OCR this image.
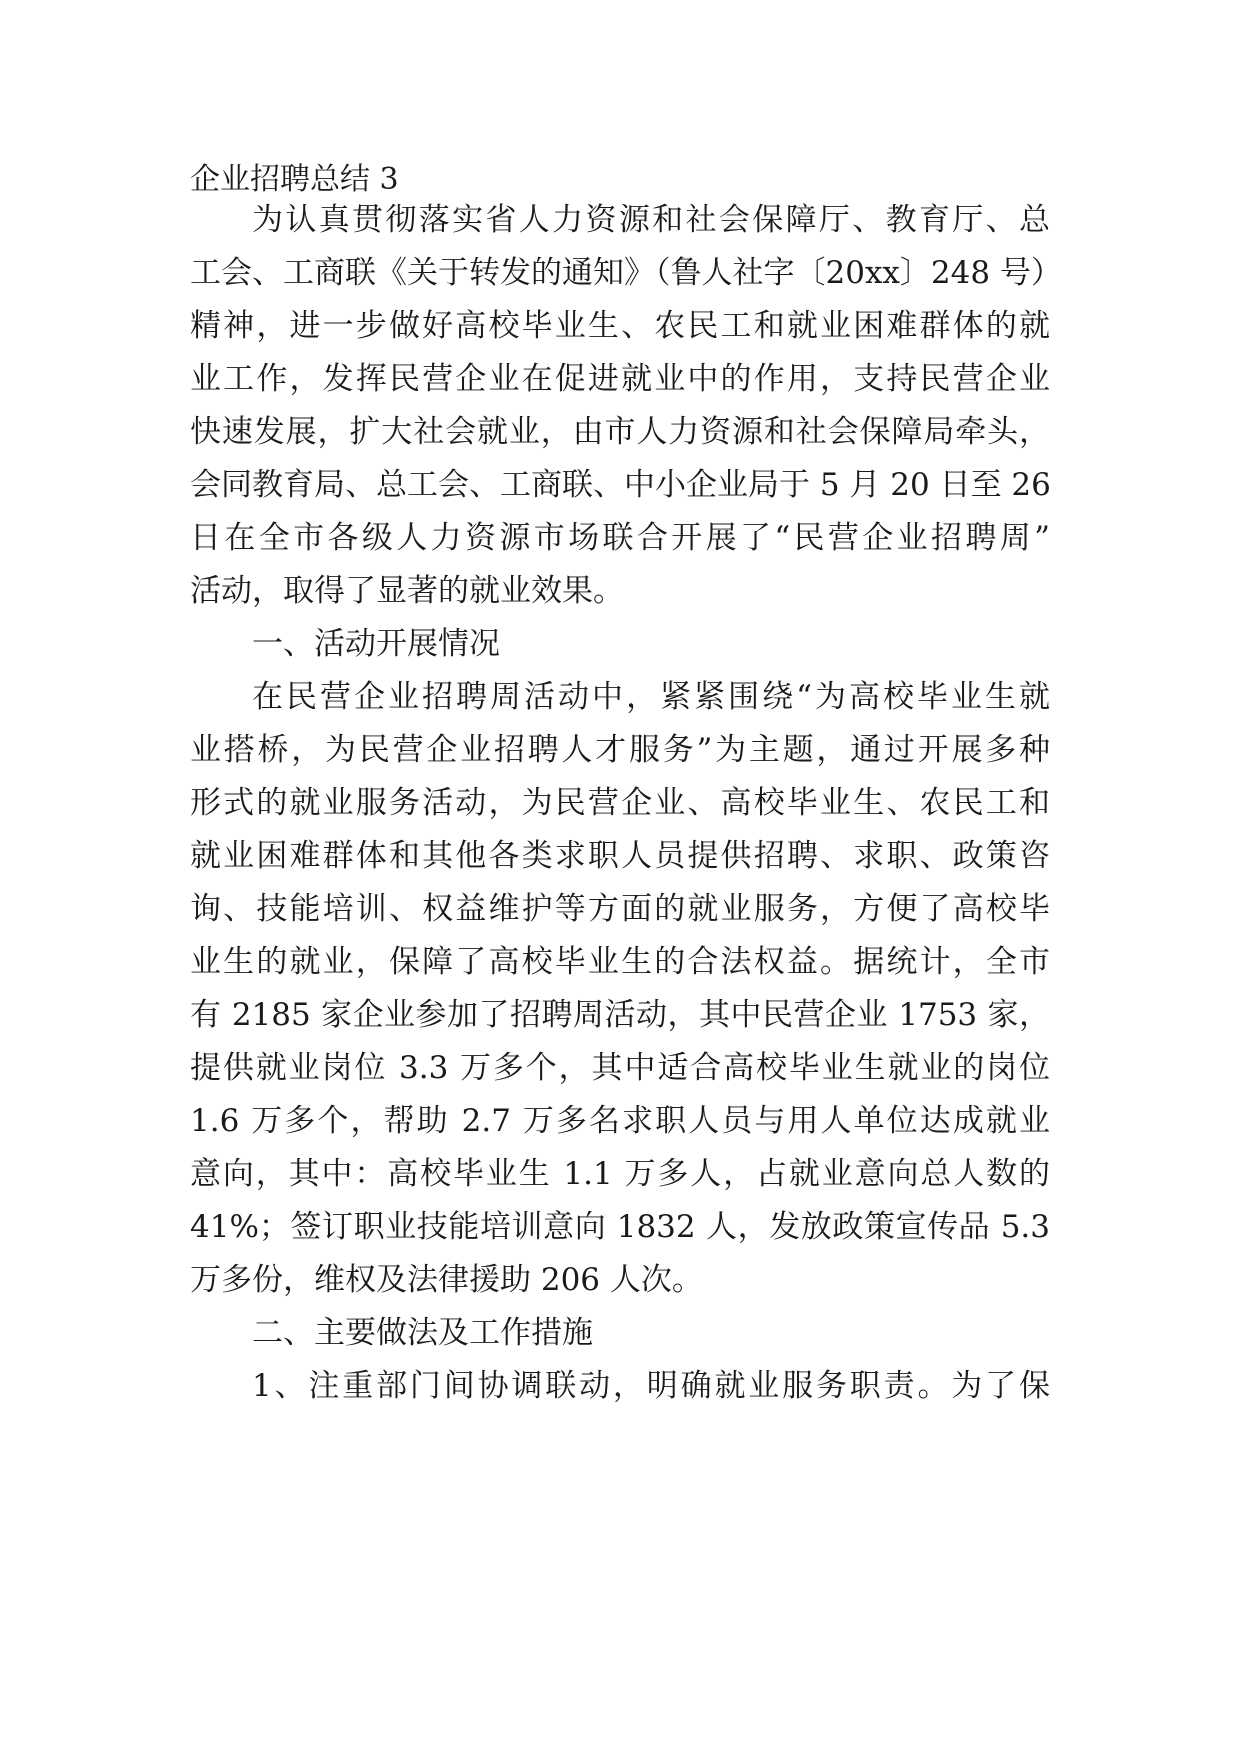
企业招聘总结 3

为认真贯彻落实省人力资源和社会保障厅、教育厅、总

工会、工商联《关于转发的通知》（鲁人社字〔20xx〕248 号）

精神，进一步做好高校毕业生、农民工和就业困难群体的就

业工作，发挥民营企业在促进就业中的作用，支持民营企业

快速发展，扩大社会就业，由市人力资源和社会保障局牵头，

会同教育局、总工会、工商联、中小企业局于 5 月 20 日至 26

日在全市各级人力资源市场联合开展了“民营企业招聘周”

活动，取得了显著的就业效果。

一、活动开展情况

在民营企业招聘周活动中，紧紧围绕“为高校毕业生就

业搭桥，为民营企业招聘人才服务”为主题，通过开展多种

形式的就业服务活动，为民营企业、高校毕业生、农民工和

就业困难群体和其他各类求职人员提供招聘、求职、政策咨

询、技能培训、权益维护等方面的就业服务，方便了高校毕

业生的就业，保障了高校毕业生的合法权益。据统计，全市

有 2185 家企业参加了招聘周活动，其中民营企业 1753 家，

提供就业岗位 3.3 万多个，其中适合高校毕业生就业的岗位

1.6 万多个，帮助 2.7 万多名求职人员与用人单位达成就业

意向，其中：高校毕业生 1.1 万多人，占就业意向总人数的

41%；签订职业技能培训意向 1832 人，发放政策宣传品 5.3

万多份，维权及法律援助 206 人次。

二、主要做法及工作措施

1、注重部门间协调联动，明确就业服务职责。为了保
